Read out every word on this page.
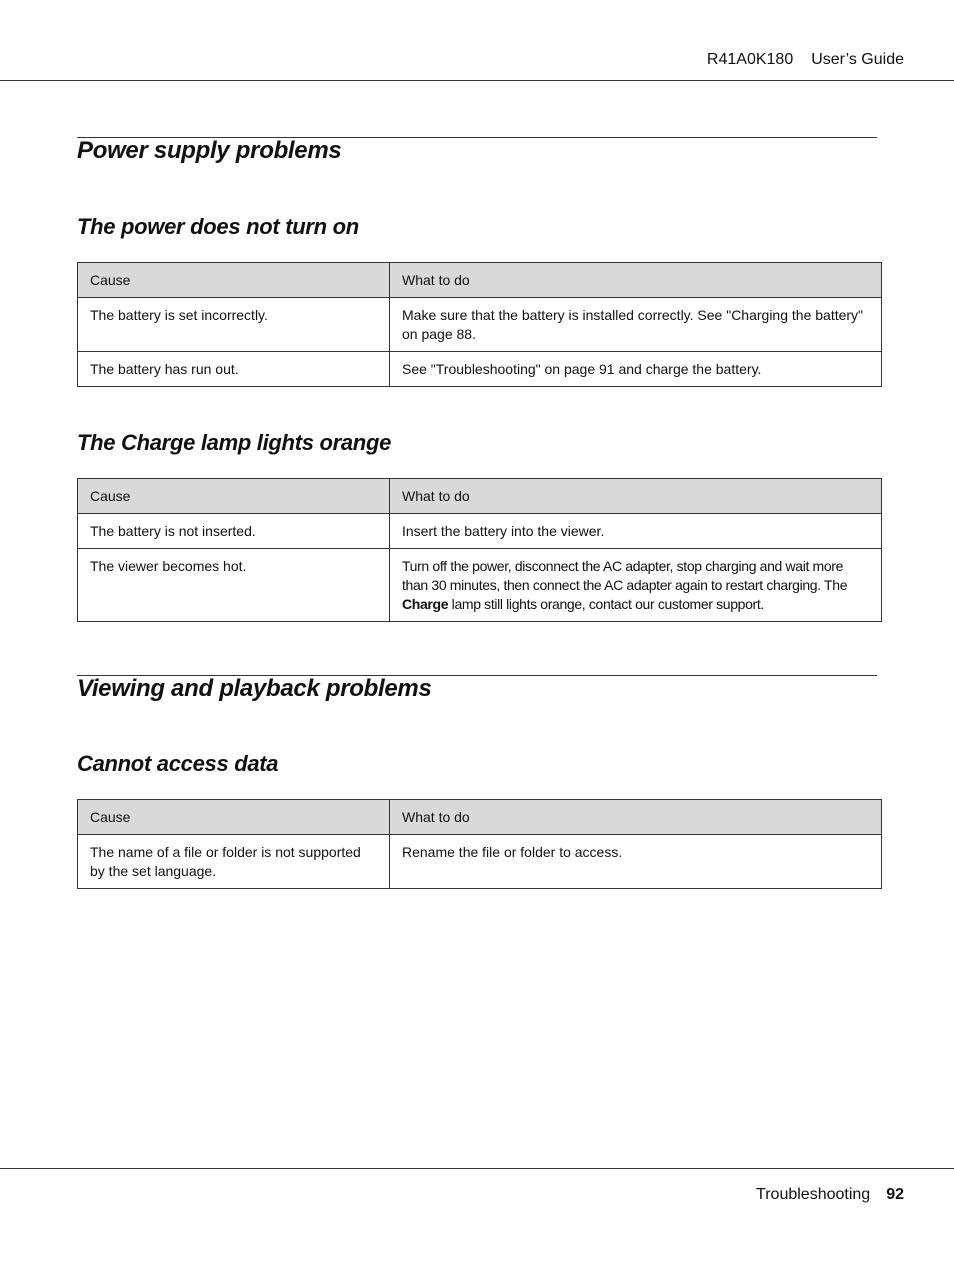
R41A0K180 User’s Guide
Power supply problems
The power does not turn on
Cause	What to do
The battery is set incorrectly.	Make sure that the battery is installed correctly. See "Charging the battery" on page 88.
The battery has run out.	See "Troubleshooting" on page 91 and charge the battery.
The Charge lamp lights orange
Cause	What to do
The battery is not inserted.	Insert the battery into the viewer.
The viewer becomes hot.	Turn off the power, disconnect the AC adapter, stop charging and wait more than 30 minutes, then connect the AC adapter again to restart charging. The Charge lamp still lights orange, contact our customer support.
Viewing and playback problems
Cannot access data
Cause	What to do
The name of a file or folder is not supported by the set language.	Rename the file or folder to access.
Troubleshooting 92
